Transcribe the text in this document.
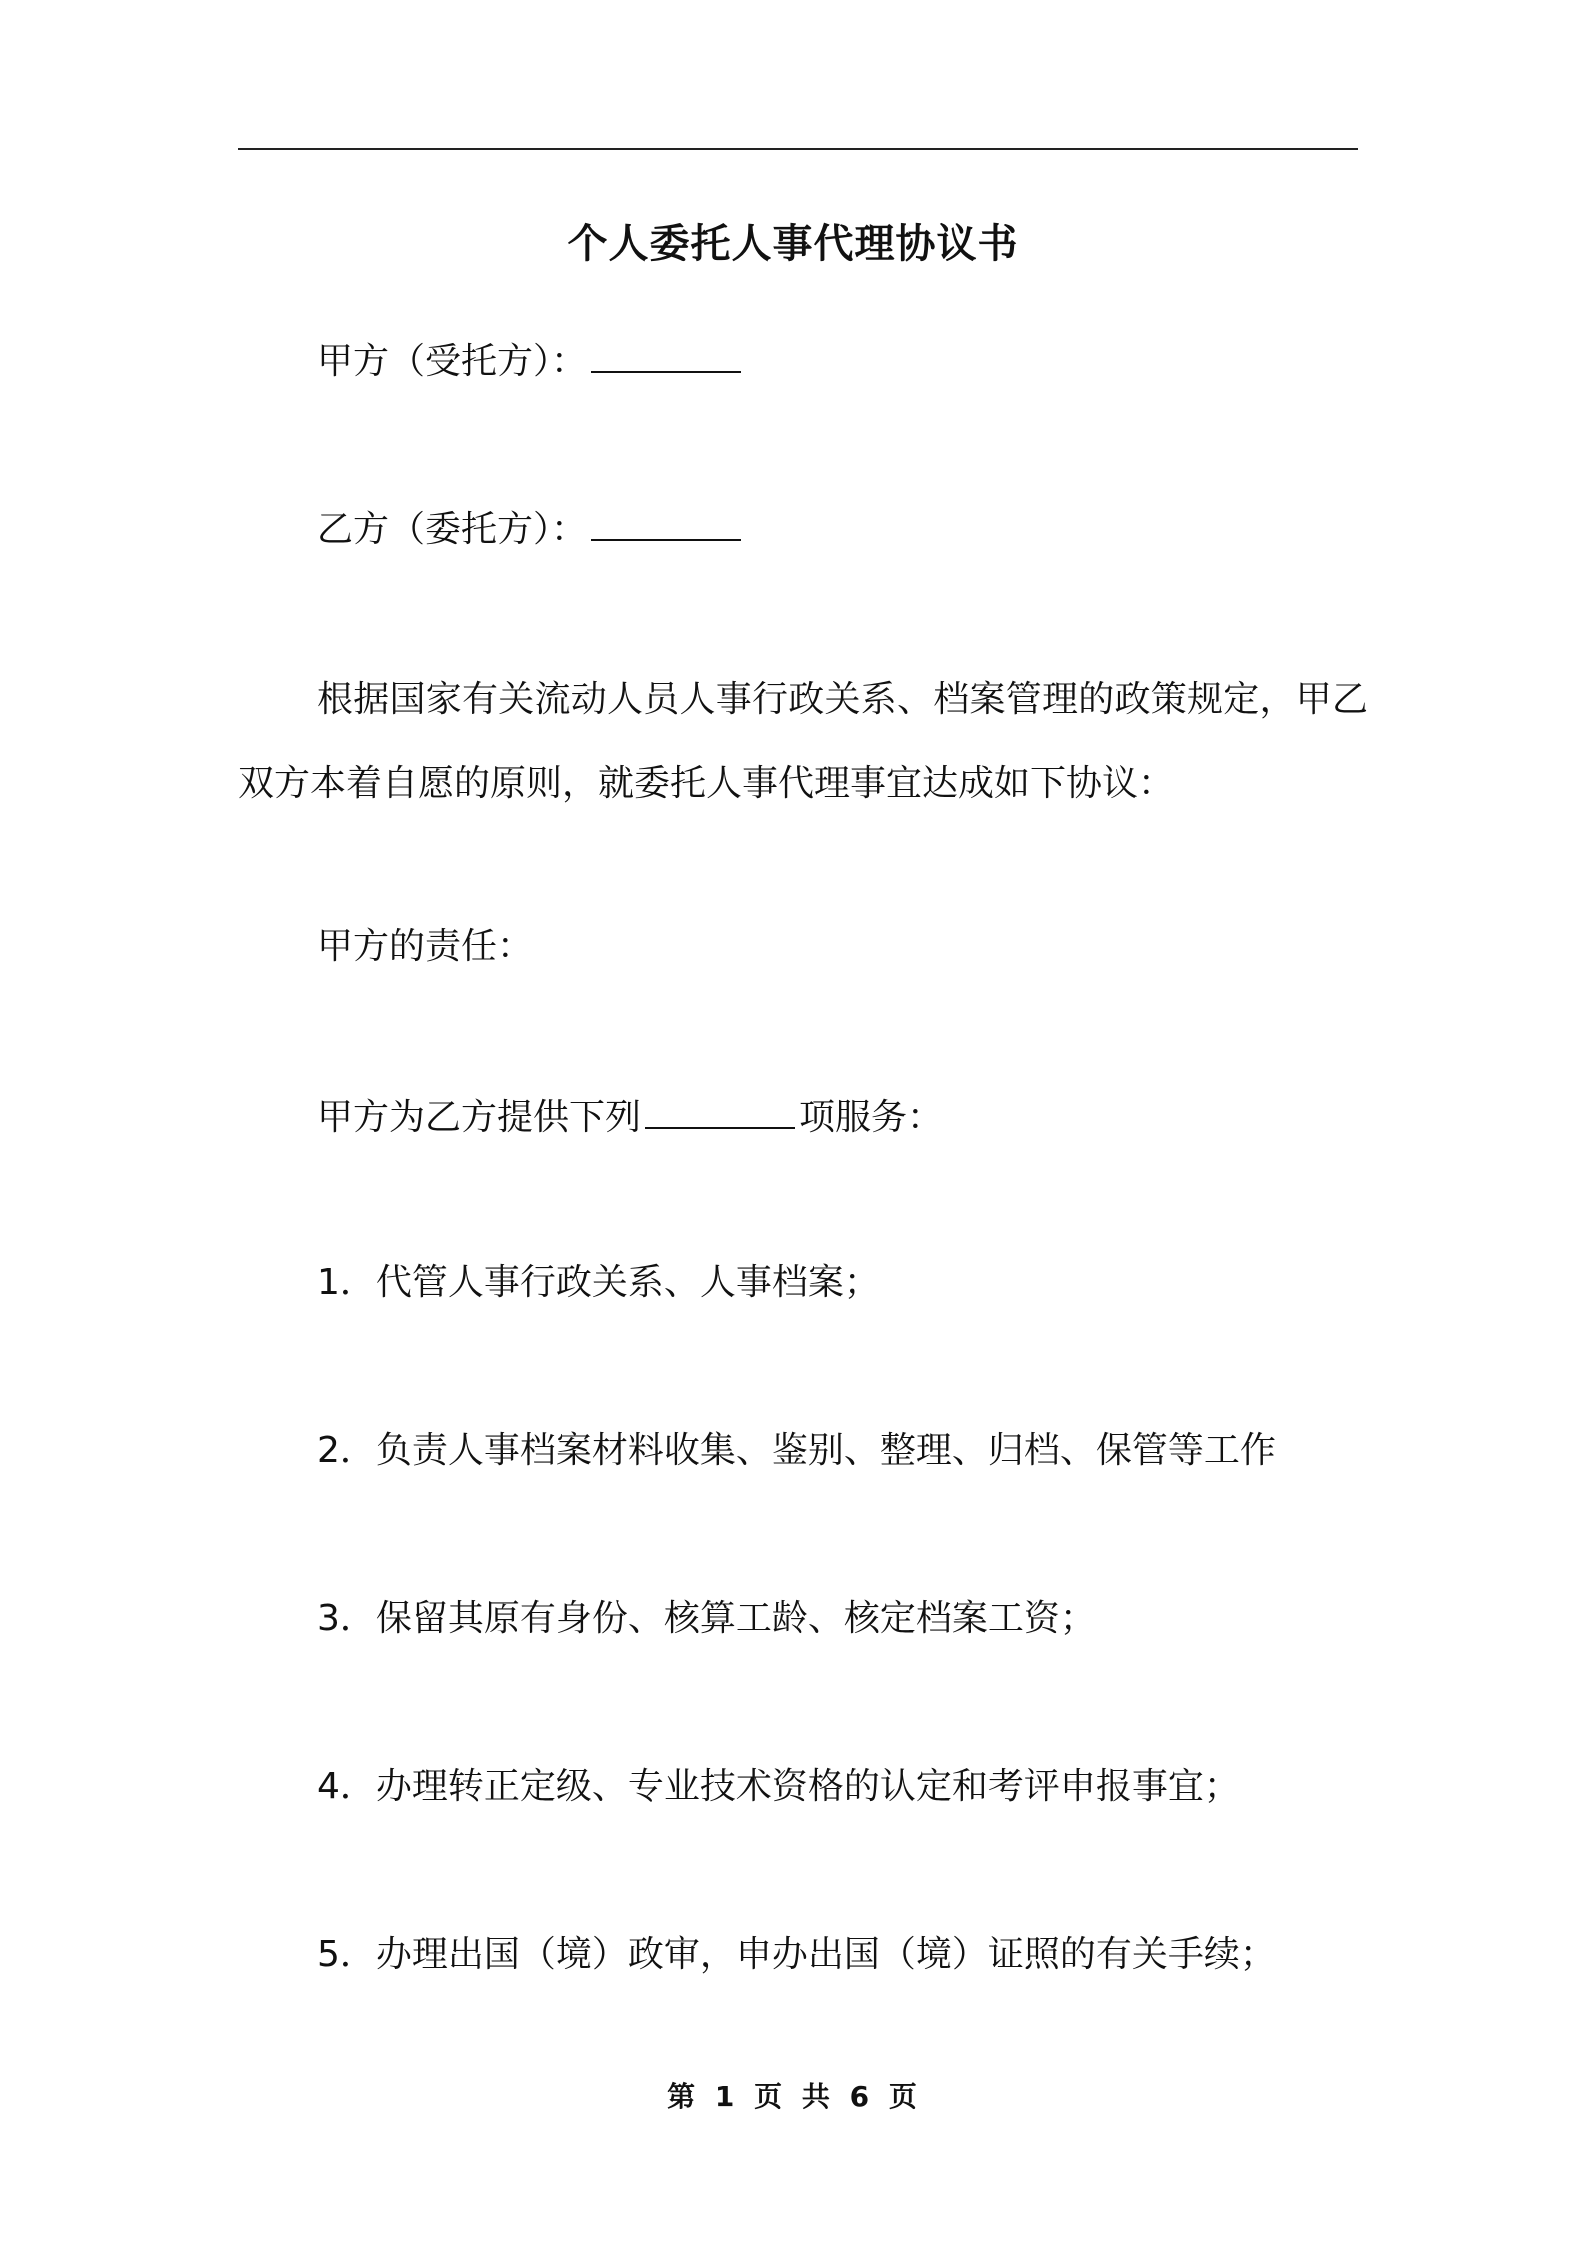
个人委托人事代理协议书
甲方（受托方）：
乙方（委托方）：
根据国家有关流动人员人事行政关系、档案管理的政策规定，甲乙双方本着自愿的原则，就委托人事代理事宜达成如下协议：
甲方的责任：
甲方为乙方提供下列	项服务：
1．代管人事行政关系、人事档案；
2．负责人事档案材料收集、鉴别、整理、归档、保管等工作
3．保留其原有身份、核算工龄、核定档案工资；
4．办理转正定级、专业技术资格的认定和考评申报事宜；
5．办理出国（境）政审，申办出国（境）证照的有关手续；
第 1 页 共 6 页
